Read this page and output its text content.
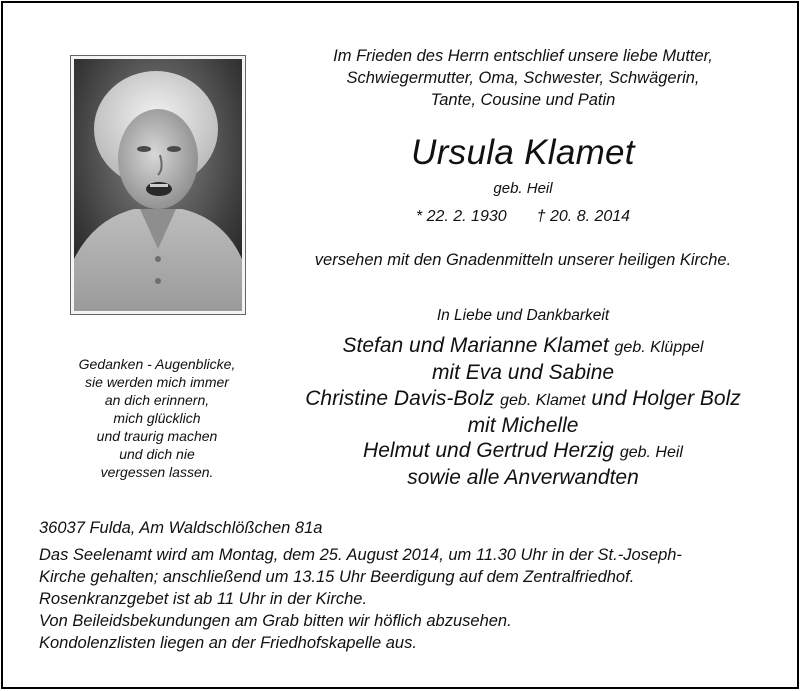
Gedanken - Augenblicke,
sie werden mich immer
an dich erinnern,
mich glücklich
und traurig machen
und dich nie
vergessen lassen.
Im Frieden des Herrn entschlief unsere liebe Mutter,
Schwiegermutter, Oma, Schwester, Schwägerin,
Tante, Cousine und Patin
Ursula Klamet
geb. Heil
* 22. 2. 1930 † 20. 8. 2014
versehen mit den Gnadenmitteln unserer heiligen Kirche.
In Liebe und Dankbarkeit
Stefan und Marianne Klamet geb. Klüppel
mit Eva und Sabine
Christine Davis-Bolz geb. Klamet und Holger Bolz
mit Michelle
Helmut und Gertrud Herzig geb. Heil
sowie alle Anverwandten
36037 Fulda, Am Waldschlößchen 81a
Das Seelenamt wird am Montag, dem 25. August 2014, um 11.30 Uhr in der St.-Joseph-
Kirche gehalten; anschließend um 13.15 Uhr Beerdigung auf dem Zentralfriedhof.
Rosenkranzgebet ist ab 11 Uhr in der Kirche.
Von Beileidsbekundungen am Grab bitten wir höflich abzusehen.
Kondolenzlisten liegen an der Friedhofskapelle aus.
